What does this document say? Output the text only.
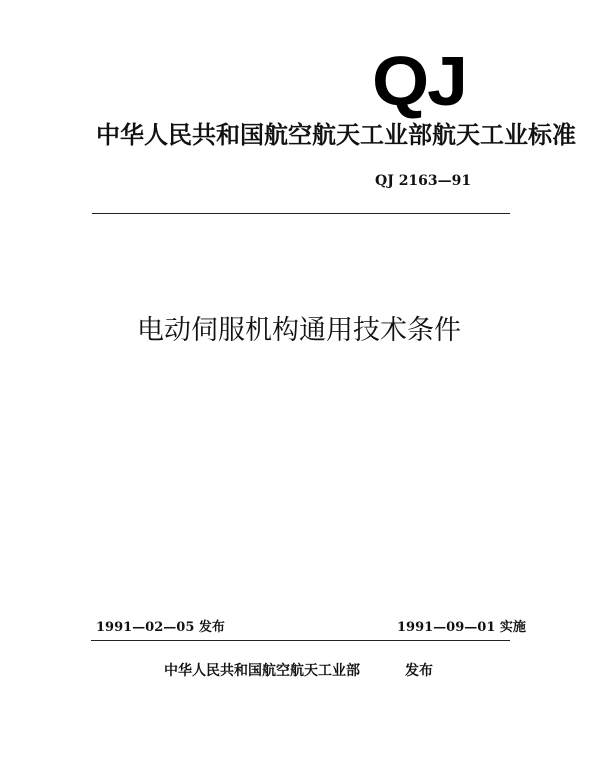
QJ
中华人民共和国航空航天工业部航天工业标准
QJ 2163—91
电动伺服机构通用技术条件
1991—02—05 发布	1991—09—01 实施
中华人民共和国航空航天工业部	发布
